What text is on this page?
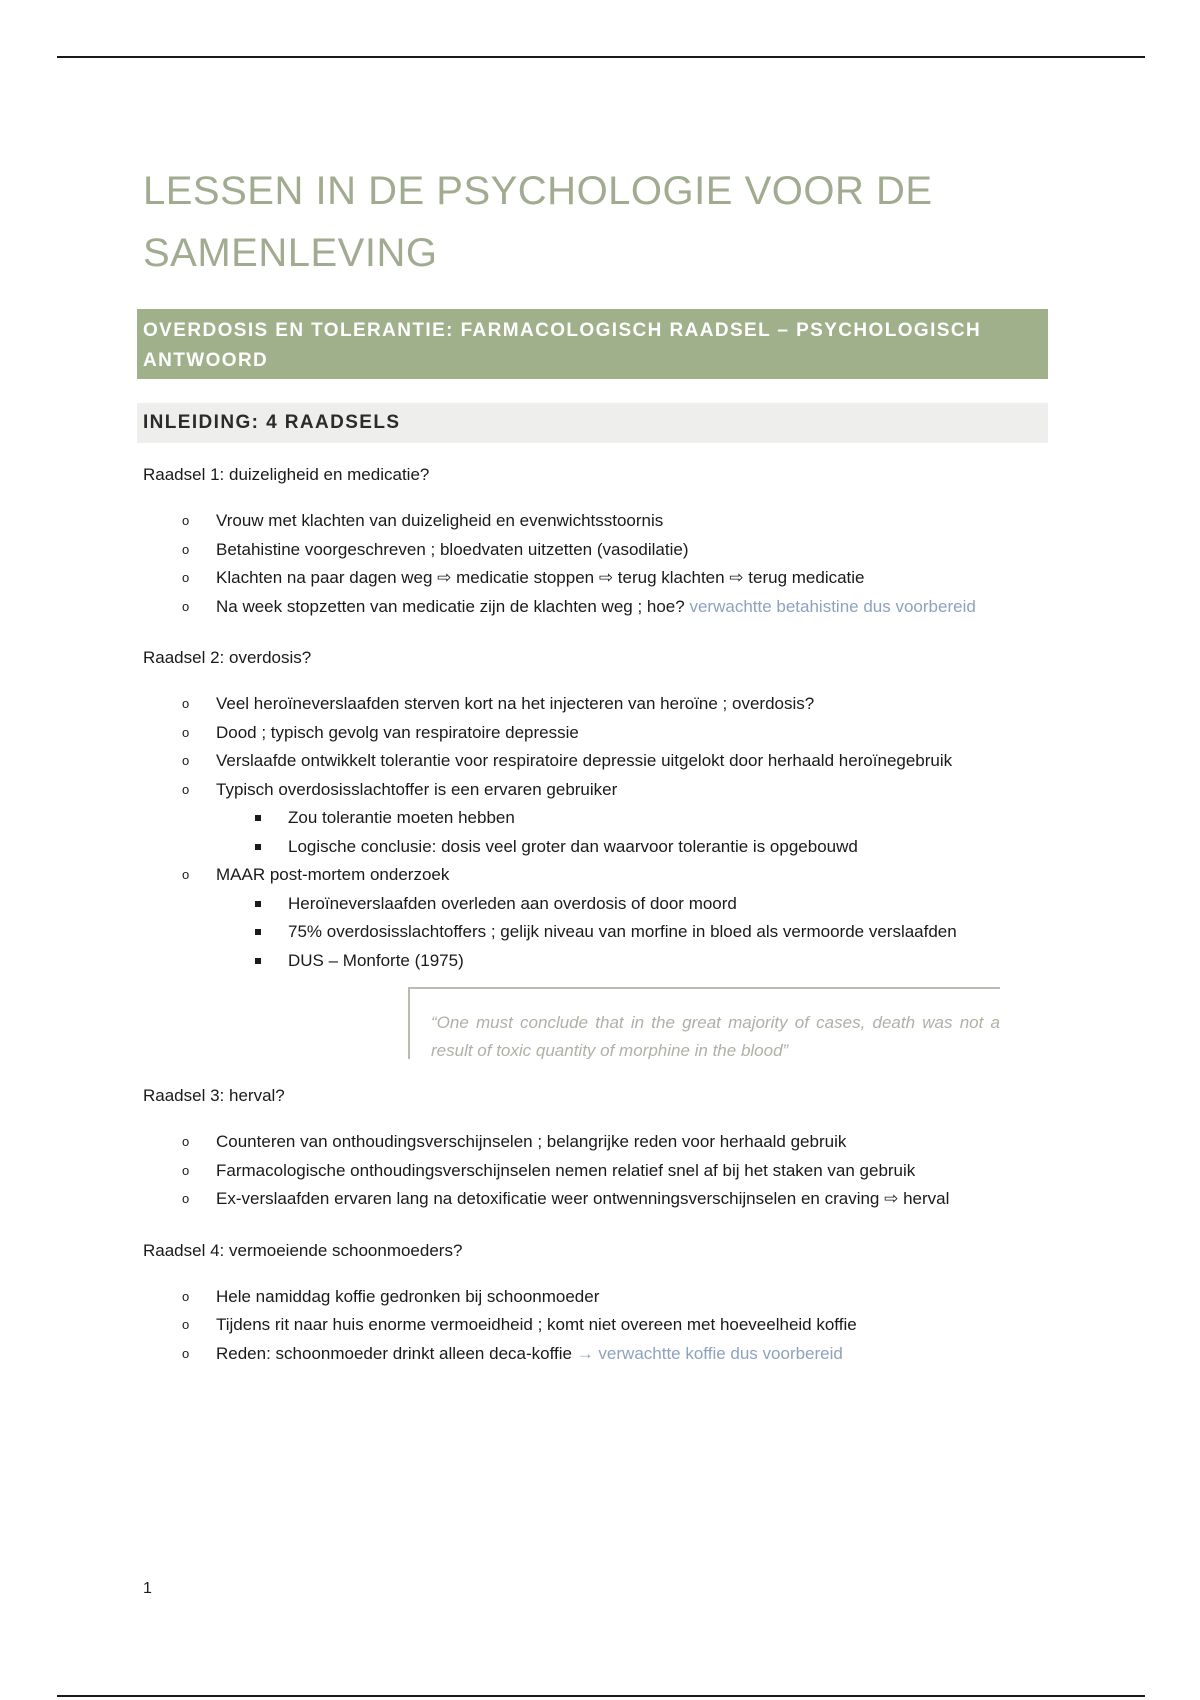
LESSEN IN DE PSYCHOLOGIE VOOR DE
SAMENLEVING
OVERDOSIS EN TOLERANTIE: FARMACOLOGISCH RAADSEL – PSYCHOLOGISCH ANTWOORD
INLEIDING: 4 RAADSELS

Raadsel 1: duizeligheid en medicatie?

o Vrouw met klachten van duizeligheid en evenwichtsstoornis
o Betahistine voorgeschreven ; bloedvaten uitzetten (vasodilatie)
o Klachten na paar dagen weg ⇨ medicatie stoppen ⇨ terug klachten ⇨ terug medicatie
o Na week stopzetten van medicatie zijn de klachten weg ; hoe? verwachtte betahistine dus voorbereid

Raadsel 2: overdosis?

o Veel heroïneverslaafden sterven kort na het injecteren van heroïne ; overdosis?
o Dood ; typisch gevolg van respiratoire depressie
o Verslaafde ontwikkelt tolerantie voor respiratoire depressie uitgelokt door herhaald heroïnegebruik
o Typisch overdosisslachtoffer is een ervaren gebruiker
Zou tolerantie moeten hebben
Logische conclusie: dosis veel groter dan waarvoor tolerantie is opgebouwd
o MAAR post-mortem onderzoek
Heroïneverslaafden overleden aan overdosis of door moord
75% overdosisslachtoffers ; gelijk niveau van morfine in bloed als vermoorde verslaafden
DUS – Monforte (1975)
“One must conclude that in the great majority of cases, death was not a result of toxic quantity of morphine in the blood”

Raadsel 3: herval?

o Counteren van onthoudingsverschijnselen ; belangrijke reden voor herhaald gebruik
o Farmacologische onthoudingsverschijnselen nemen relatief snel af bij het staken van gebruik
o Ex-verslaafden ervaren lang na detoxificatie weer ontwenningsverschijnselen en craving ⇨ herval

Raadsel 4: vermoeiende schoonmoeders?

o Hele namiddag koffie gedronken bij schoonmoeder
o Tijdens rit naar huis enorme vermoeidheid ; komt niet overeen met hoeveelheid koffie
o Reden: schoonmoeder drinkt alleen deca-koffie → verwachtte koffie dus voorbereid
1
